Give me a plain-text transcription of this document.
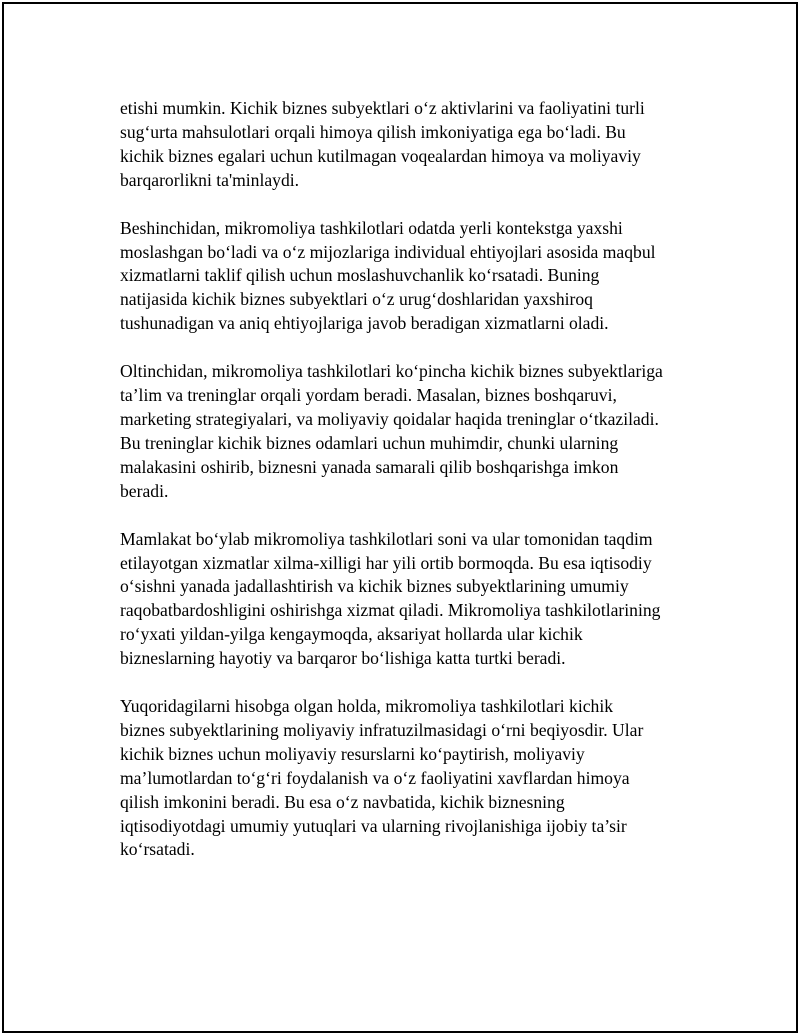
etishi mumkin. Kichik biznes subyektlari o‘z aktivlarini va faoliyatini turli
sug‘urta mahsulotlari orqali himoya qilish imkoniyatiga ega bo‘ladi. Bu
kichik biznes egalari uchun kutilmagan voqealardan himoya va moliyaviy
barqarorlikni ta'minlaydi.

Beshinchidan, mikromoliya tashkilotlari odatda yerli kontekstga yaxshi
moslashgan bo‘ladi va o‘z mijozlariga individual ehtiyojlari asosida maqbul
xizmatlarni taklif qilish uchun moslashuvchanlik ko‘rsatadi. Buning
natijasida kichik biznes subyektlari o‘z urug‘doshlaridan yaxshiroq
tushunadigan va aniq ehtiyojlariga javob beradigan xizmatlarni oladi.

Oltinchidan, mikromoliya tashkilotlari ko‘pincha kichik biznes subyektlariga
ta’lim va treninglar orqali yordam beradi. Masalan, biznes boshqaruvi,
marketing strategiyalari, va moliyaviy qoidalar haqida treninglar o‘tkaziladi.
Bu treninglar kichik biznes odamlari uchun muhimdir, chunki ularning
malakasini oshirib, biznesni yanada samarali qilib boshqarishga imkon
beradi.

Mamlakat bo‘ylab mikromoliya tashkilotlari soni va ular tomonidan taqdim
etilayotgan xizmatlar xilma-xilligi har yili ortib bormoqda. Bu esa iqtisodiy
o‘sishni yanada jadallashtirish va kichik biznes subyektlarining umumiy
raqobatbardoshligini oshirishga xizmat qiladi. Mikromoliya tashkilotlarining
ro‘yxati yildan-yilga kengaymoqda, aksariyat hollarda ular kichik
bizneslarning hayotiy va barqaror bo‘lishiga katta turtki beradi.

Yuqoridagilarni hisobga olgan holda, mikromoliya tashkilotlari kichik
biznes subyektlarining moliyaviy infratuzilmasidagi o‘rni beqiyosdir. Ular
kichik biznes uchun moliyaviy resurslarni ko‘paytirish, moliyaviy
ma’lumotlardan to‘g‘ri foydalanish va o‘z faoliyatini xavflardan himoya
qilish imkonini beradi. Bu esa o‘z navbatida, kichik biznesning
iqtisodiyotdagi umumiy yutuqlari va ularning rivojlanishiga ijobiy ta’sir
ko‘rsatadi.
